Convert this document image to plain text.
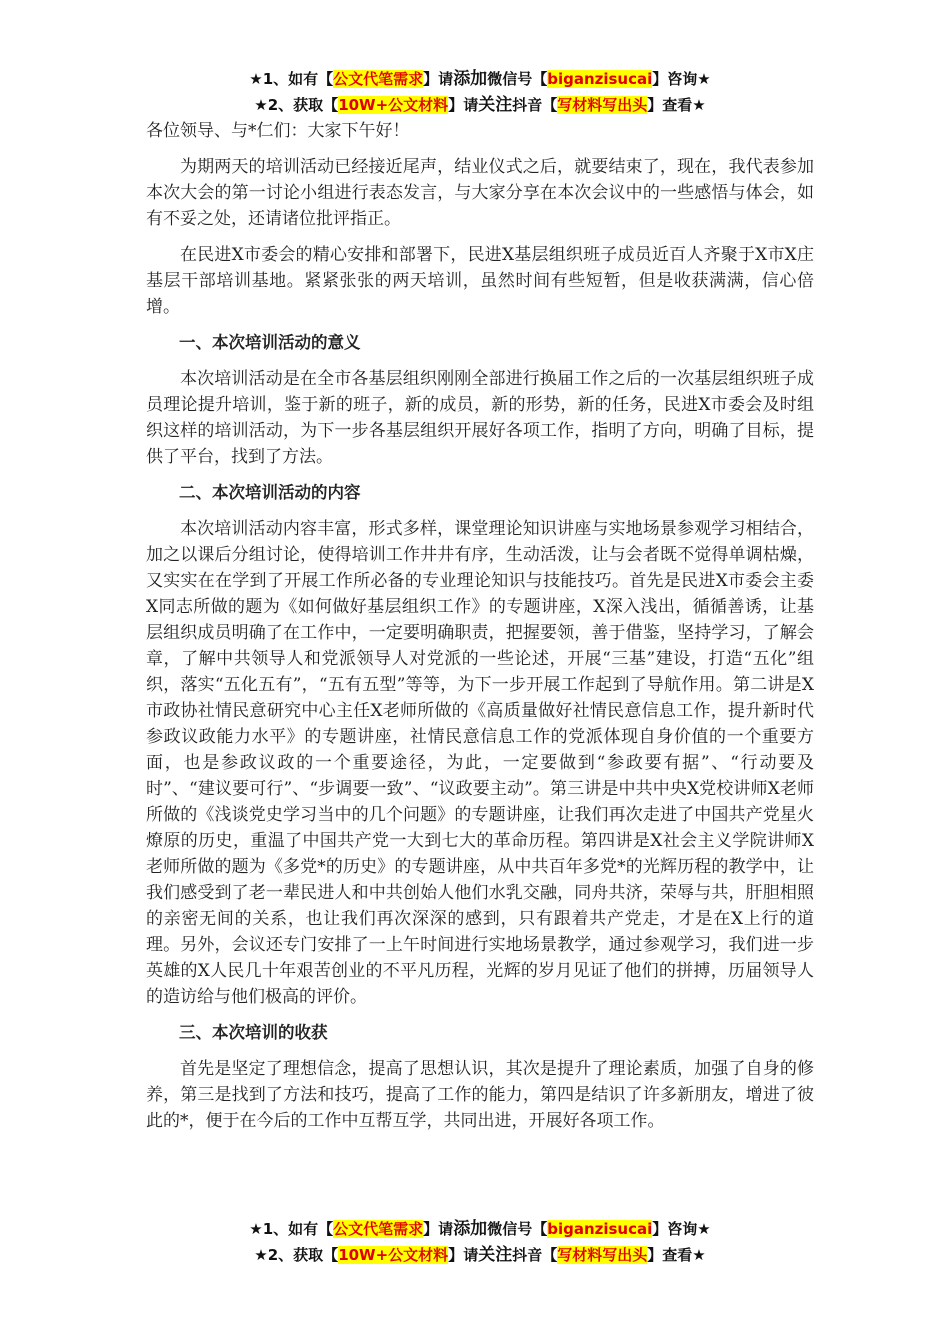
★1、如有【公文代笔需求】请添加微信号【biganzisucai】咨询★
★2、获取【10W+公文材料】请关注抖音【写材料写出头】查看★

各位领导、与*仁们：大家下午好！

为期两天的培训活动已经接近尾声，结业仪式之后，就要结束了，现在，我代表参加本次大会的第一讨论小组进行表态发言，与大家分享在本次会议中的一些感悟与体会，如有不妥之处，还请诸位批评指正。

在民进X市委会的精心安排和部署下，民进X基层组织班子成员近百人齐聚于X市X庄基层干部培训基地。紧紧张张的两天培训，虽然时间有些短暂，但是收获满满，信心倍增。

一、本次培训活动的意义

本次培训活动是在全市各基层组织刚刚全部进行换届工作之后的一次基层组织班子成员理论提升培训，鉴于新的班子，新的成员，新的形势，新的任务，民进X市委会及时组织这样的培训活动，为下一步各基层组织开展好各项工作，指明了方向，明确了目标，提供了平台，找到了方法。

二、本次培训活动的内容

本次培训活动内容丰富，形式多样，课堂理论知识讲座与实地场景参观学习相结合，加之以课后分组讨论，使得培训工作井井有序，生动活泼，让与会者既不觉得单调枯燥，又实实在在学到了开展工作所必备的专业理论知识与技能技巧。首先是民进X市委会主委X同志所做的题为《如何做好基层组织工作》的专题讲座，X深入浅出，循循善诱，让基层组织成员明确了在工作中，一定要明确职责，把握要领，善于借鉴，坚持学习，了解会章，了解中共领导人和党派领导人对党派的一些论述，开展“三基”建设，打造“五化”组织，落实“五化五有”，“五有五型”等等，为下一步开展工作起到了导航作用。第二讲是X市政协社情民意研究中心主任X老师所做的《高质量做好社情民意信息工作，提升新时代参政议政能力水平》的专题讲座，社情民意信息工作的党派体现自身价值的一个重要方面，也是参政议政的一个重要途径，为此，一定要做到“参政要有据”、“行动要及时”、“建议要可行”、“步调要一致”、“议政要主动”。第三讲是中共中央X党校讲师X老师所做的《浅谈党史学习当中的几个问题》的专题讲座，让我们再次走进了中国共产党星火燎原的历史，重温了中国共产党一大到七大的革命历程。第四讲是X社会主义学院讲师X老师所做的题为《多党*的历史》的专题讲座，从中共百年多党*的光辉历程的教学中，让我们感受到了老一辈民进人和中共创始人他们水乳交融，同舟共济，荣辱与共，肝胆相照的亲密无间的关系，也让我们再次深深的感到，只有跟着共产党走，才是在X上行的道理。另外，会议还专门安排了一上午时间进行实地场景教学，通过参观学习，我们进一步英雄的X人民几十年艰苦创业的不平凡历程，光辉的岁月见证了他们的拼搏，历届领导人的造访给与他们极高的评价。

三、本次培训的收获

首先是坚定了理想信念，提高了思想认识，其次是提升了理论素质，加强了自身的修养，第三是找到了方法和技巧，提高了工作的能力，第四是结识了许多新朋友，增进了彼此的*，便于在今后的工作中互帮互学，共同出进，开展好各项工作。

★1、如有【公文代笔需求】请添加微信号【biganzisucai】咨询★
★2、获取【10W+公文材料】请关注抖音【写材料写出头】查看★
